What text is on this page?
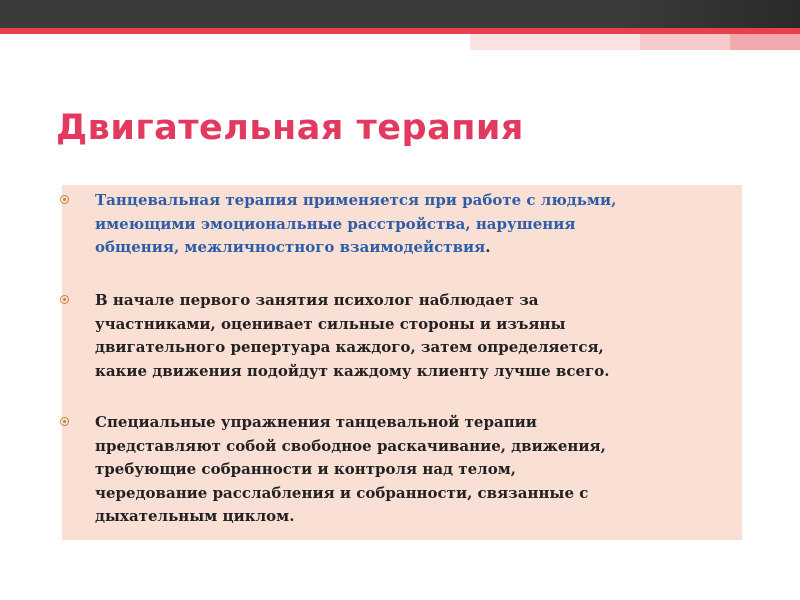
Двигательная терапия

Танцевальная терапия применяется при работе с людьми,
имеющими эмоциональные расстройства, нарушения
общения, межличностного взаимодействия.

В начале первого занятия психолог наблюдает за
участниками, оценивает сильные стороны и изъяны
двигательного репертуара каждого, затем определяется,
какие движения подойдут каждому клиенту лучше всего.

Специальные упражнения танцевальной терапии
представляют собой свободное раскачивание, движения,
требующие собранности и контроля над телом,
чередование расслабления и собранности, связанные с
дыхательным циклом.
